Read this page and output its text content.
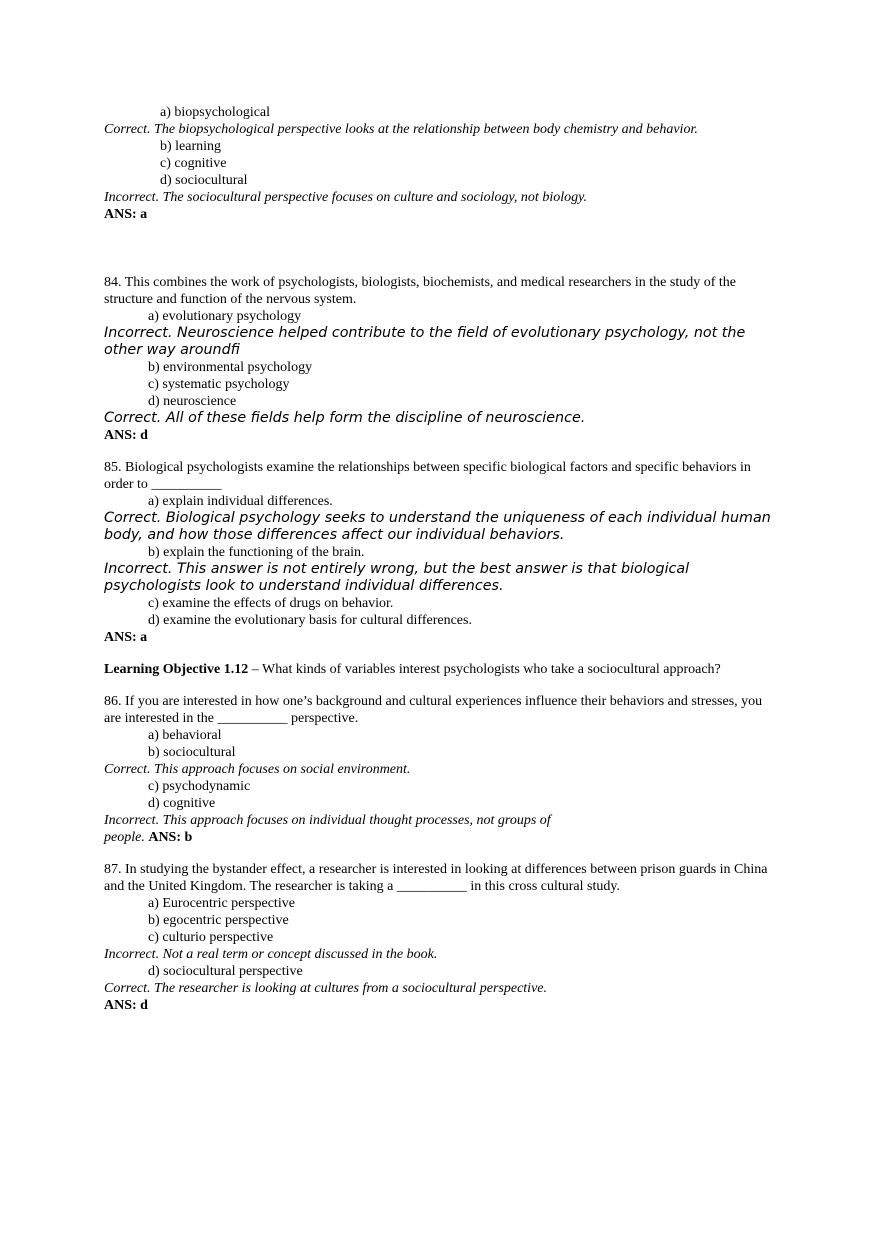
a) biopsychological
Correct. The biopsychological perspective looks at the relationship between body chemistry and behavior.
b) learning
c) cognitive
d) sociocultural
Incorrect. The sociocultural perspective focuses on culture and sociology, not biology.
ANS: a
84. This combines the work of psychologists, biologists, biochemists, and medical researchers in the study of the structure and function of the nervous system.
a) evolutionary psychology
Incorrect. Neuroscience helped contribute to the field of evolutionary psychology, not the other way aroundfi
b) environmental psychology
c) systematic psychology
d) neuroscience
Correct. All of these fields help form the discipline of neuroscience.
ANS: d
85. Biological psychologists examine the relationships between specific biological factors and specific behaviors in order to __________
a) explain individual differences.
Correct. Biological psychology seeks to understand the uniqueness of each individual human body, and how those differences affect our individual behaviors.
b) explain the functioning of the brain.
Incorrect. This answer is not entirely wrong, but the best answer is that biological psychologists look to understand individual differences.
c) examine the effects of drugs on behavior.
d) examine the evolutionary basis for cultural differences.
ANS: a
Learning Objective 1.12 – What kinds of variables interest psychologists who take a sociocultural approach?
86. If you are interested in how one’s background and cultural experiences influence their behaviors and stresses, you are interested in the __________ perspective.
a) behavioral
b) sociocultural
Correct. This approach focuses on social environment.
c) psychodynamic
d) cognitive
Incorrect. This approach focuses on individual thought processes, not groups of people. ANS: b
87. In studying the bystander effect, a researcher is interested in looking at differences between prison guards in China and the United Kingdom. The researcher is taking a __________ in this cross cultural study.
a) Eurocentric perspective
b) egocentric perspective
c) culturio perspective
Incorrect. Not a real term or concept discussed in the book.
d) sociocultural perspective
Correct. The researcher is looking at cultures from a sociocultural perspective.
ANS: d
